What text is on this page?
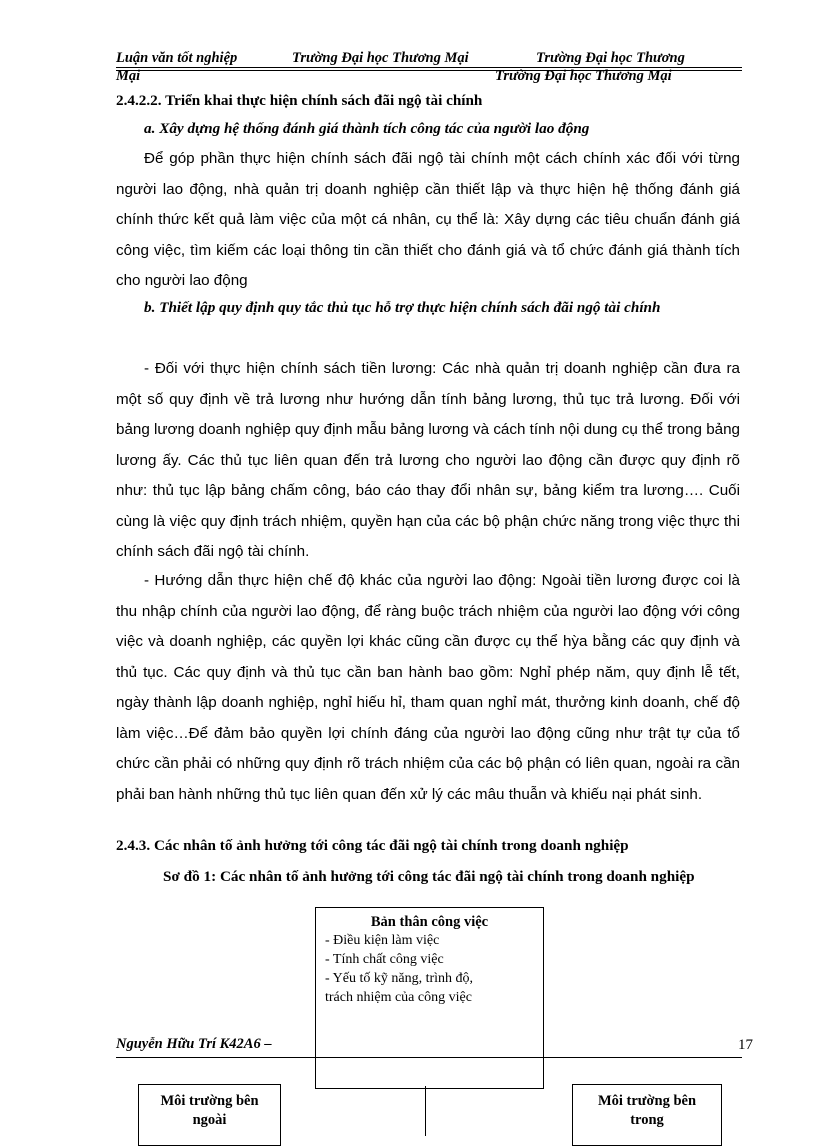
Luận văn tốt nghiệp	Trường Đại học Thương Mại	Trường Đại học Thương
Mại	Trường Đại học Thương Mại

2.4.2.2. Triển khai thực hiện chính sách đãi ngộ tài chính

a. Xây dựng hệ thống đánh giá thành tích công tác của người lao động

Để góp phần thực hiện chính sách đãi ngộ tài chính một cách chính xác đối với từng người lao động, nhà quản trị doanh nghiệp cần thiết lập và thực hiện hệ thống đánh giá chính thức kết quả làm việc của một cá nhân, cụ thể là: Xây dựng các tiêu chuẩn đánh giá công việc, tìm kiếm các loại thông tin cần thiết cho đánh giá và tổ chức đánh giá thành tích cho người lao động

b. Thiết lập quy định quy tắc thủ tục hỗ trợ thực hiện chính sách đãi ngộ tài chính

- Đối với thực hiện chính sách tiền lương: Các nhà quản trị doanh nghiệp cần đưa ra một số quy định về trả lương như hướng dẫn tính bảng lương, thủ tục trả lương. Đối với bảng lương doanh nghiệp quy định mẫu bảng lương và cách tính nội dung cụ thể trong bảng lương ấy. Các thủ tục liên quan đến trả lương cho người lao động cần được quy định rõ như: thủ tục lập bảng chấm công, báo cáo thay đổi nhân sự, bảng kiểm tra lương…. Cuối cùng là việc quy định trách nhiệm, quyền hạn của các bộ phận chức năng trong việc thực thi chính sách đãi ngộ tài chính.

- Hướng dẫn thực hiện chế độ khác của người lao động: Ngoài tiền lương được coi là thu nhập chính của người lao động, để ràng buộc trách nhiệm của người lao động với công việc và doanh nghiệp, các quyền lợi khác cũng cần được cụ thể hỳa bằng các quy định và thủ tục. Các quy định và thủ tục cần ban hành bao gồm: Nghỉ phép năm, quy định lễ tết, ngày thành lập doanh nghiệp, nghỉ hiếu hỉ, tham quan nghỉ mát, thưởng kinh doanh, chế độ làm việc…Để đảm bảo quyền lợi chính đáng của người lao động cũng như trật tự của tổ chức cần phải có những quy định rõ trách nhiệm của các bộ phận có liên quan, ngoài ra cần phải ban hành những thủ tục liên quan đến xử lý các mâu thuẫn và khiếu nại phát sinh.

2.4.3. Các nhân tố ảnh hưởng tới công tác đãi ngộ tài chính trong doanh nghiệp

Sơ đồ 1: Các nhân tố ảnh hưởng tới công tác đãi ngộ tài chính trong doanh nghiệp

Bản thân công việc
- Điều kiện làm việc
- Tính chất công việc
- Yếu tố kỹ năng, trình độ,
trách nhiệm của công việc
Nguyễn Hữu Trí K42A6 –	17
Môi trường bên
ngoài
Môi trường bên
trong
